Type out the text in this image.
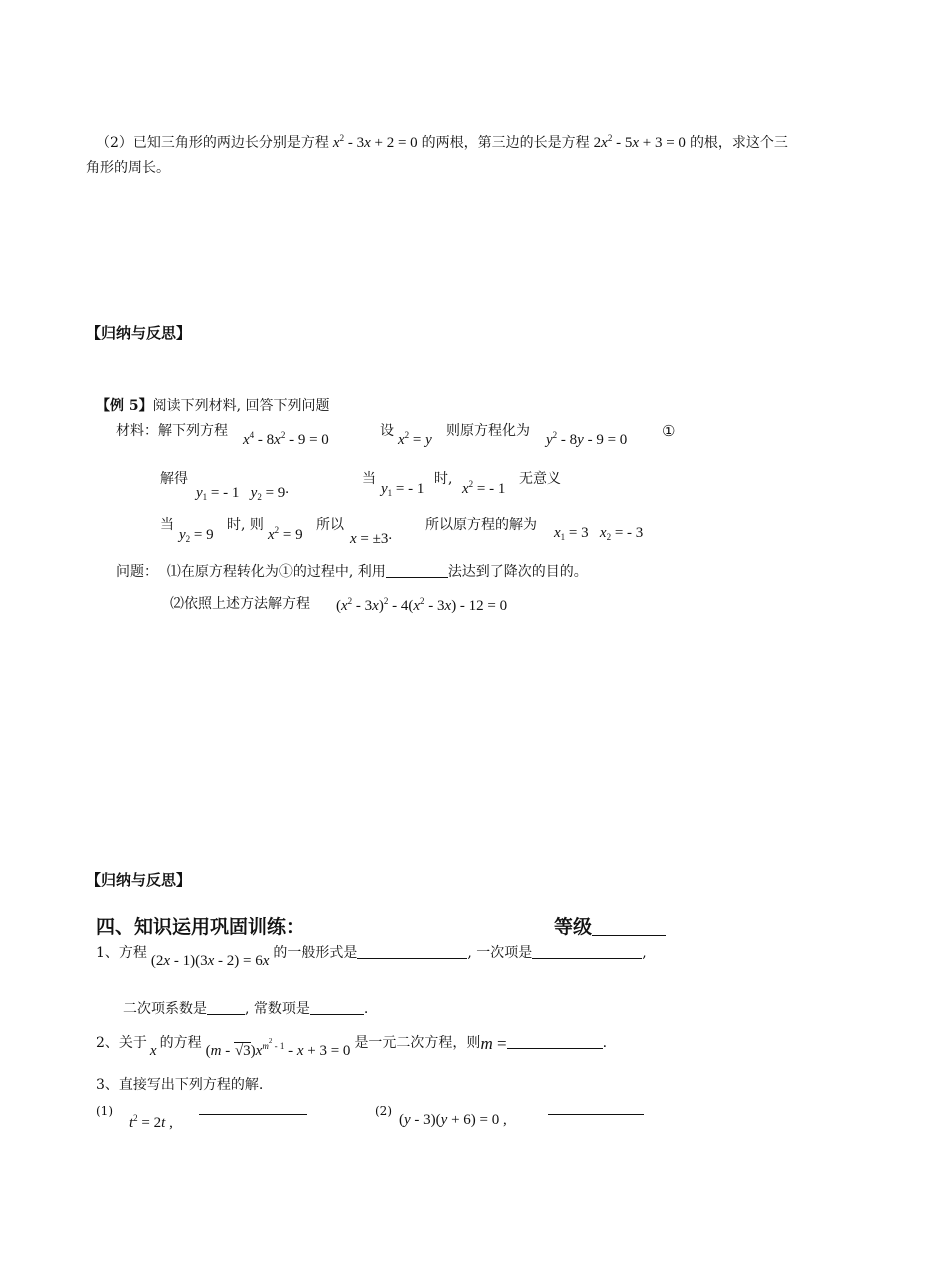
（2）已知三角形的两边长分别是方程 $x^2 - 3x + 2 = 0$ 的两根，第三边的长是方程 $2x^2 - 5x + 3 = 0$ 的根，求这个三
角形的周长。
【归纳与反思】
【例 5】阅读下列材料, 回答下列问题
材料：解下列方程
$x^4 - 8x^2 - 9 = 0$
设
$x^2 = y$
则原方程化为
$y^2 - 8y - 9 = 0$ ①
解得
$y_1$ = - 1   $y_2 = 9$.
当
$y_1$ = - 1
时,
$x^2$ = - 1
无意义
当
$y_2 = 9$
时, 则
$x^2 = 9$
所以
x = ±3.
所以原方程的解为 $x_1 = 3$   $x_2$ = - 3
问题： ⑴在原方程转化为①的过程中, 利用	法达到了降次的目的。
⑵依照上述方法解方程 $(x^2 - 3x)^2 - 4(x^2 - 3x) - 12 = 0$
【归纳与反思】
四、知识运用巩固训练：	等级
1、方程 (2x - 1)(3x - 2) = 6x 的一般形式是	, 一次项是	,
二次项系数是	, 常数项是	.
2、关于 x 的方程 $(m - √3)x^{m^2 - 1} - x + 3 = 0$ 是一元二次方程，则m =	.
3、直接写出下列方程的解.
(1)
$t^2 = 2t$ ,
(2)
(y - 3)(y + 6) = 0 ,
